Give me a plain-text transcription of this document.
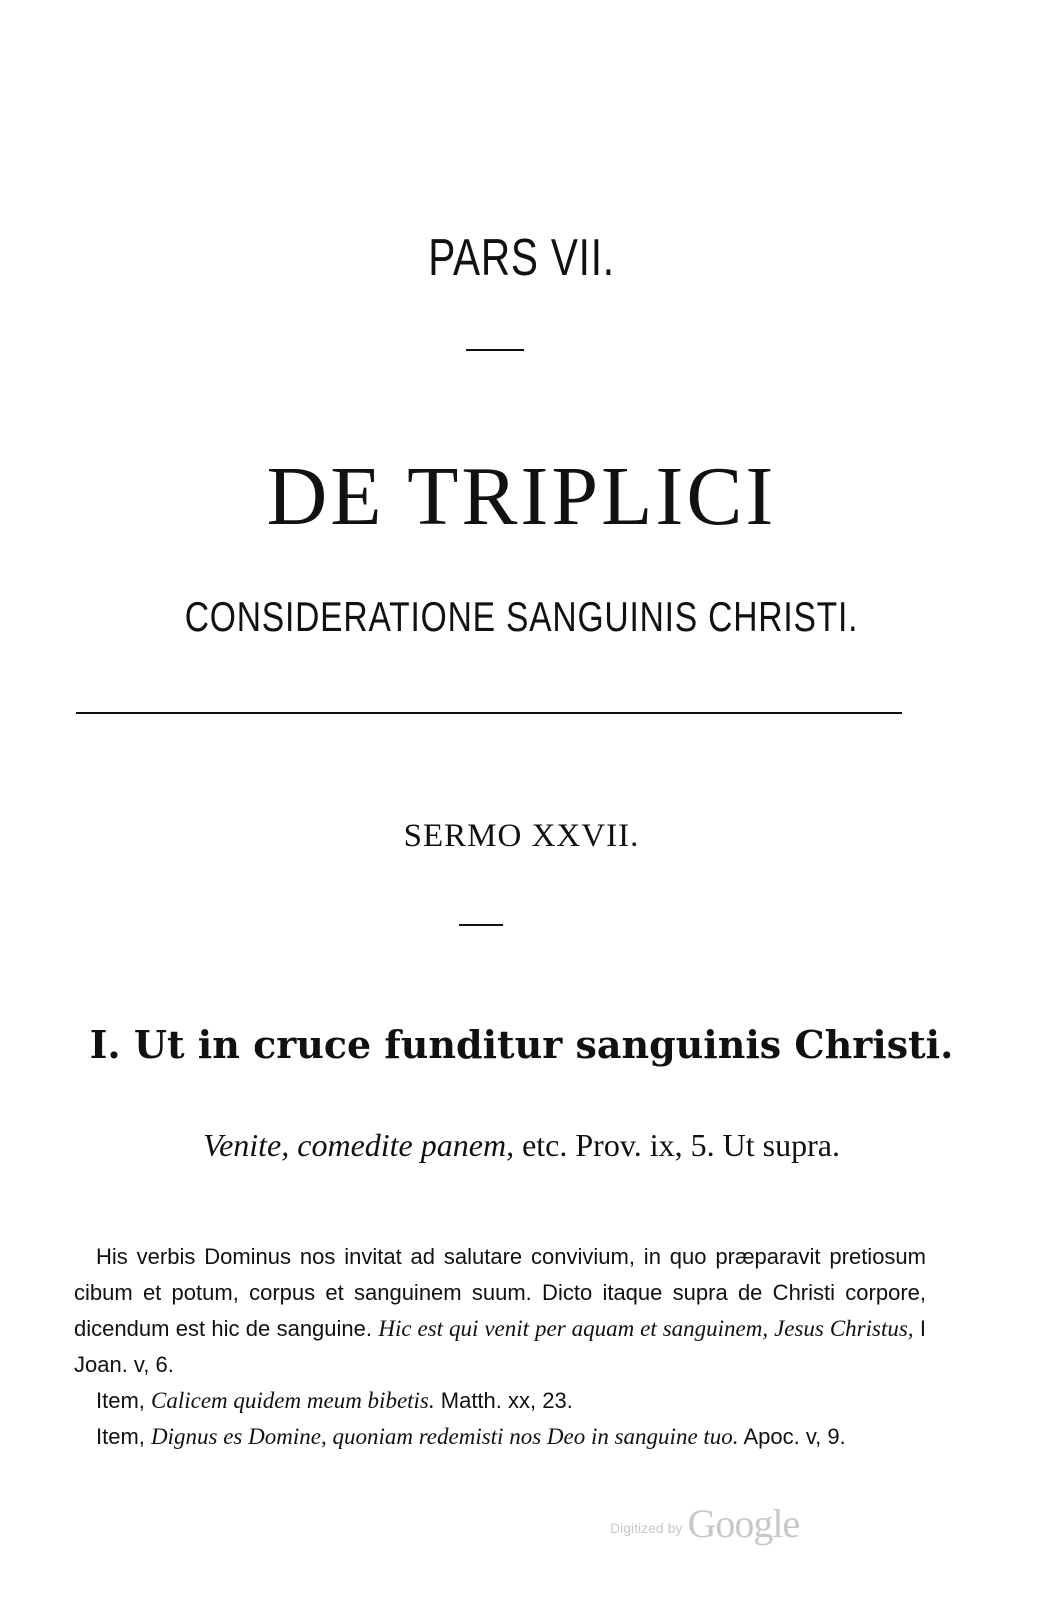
PARS VII.
DE TRIPLICI
CONSIDERATIONE SANGUINIS CHRISTI.
SERMO XXVII.
I. Ut in cruce funditur sanguinis Christi.
Venite, comedite panem, etc. Prov. ix, 5. Ut supra.

His verbis Dominus nos invitat ad salutare convivium, in quo præparavit pretiosum cibum et potum, corpus et sanguinem suum. Dicto itaque supra de Christi corpore, dicendum est hic de sanguine. Hic est qui venit per aquam et sanguinem, Jesus Christus, I Joan. v, 6.

Item, Calicem quidem meum bibetis. Matth. xx, 23.

Item, Dignus es Domine, quoniam redemisti nos Deo in sanguine tuo. Apoc. v, 9.

Digitized by Google
